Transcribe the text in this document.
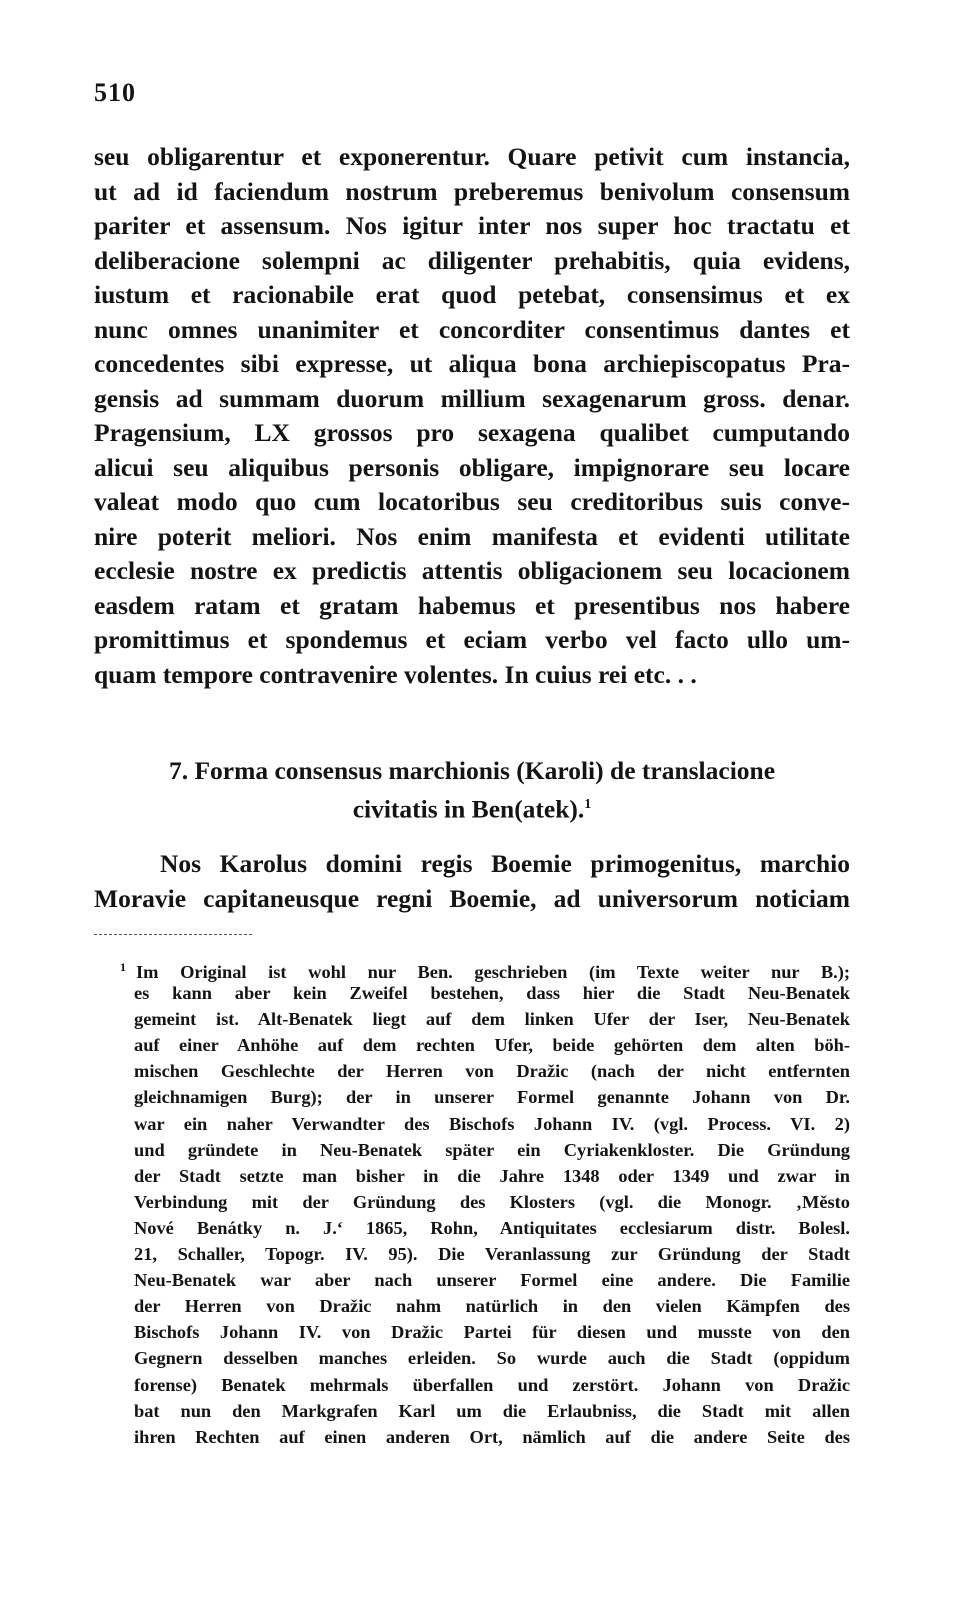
510
seu obligarentur et exponerentur. Quare petivit cum instancia,
ut ad id faciendum nostrum preberemus benivolum consensum
pariter et assensum. Nos igitur inter nos super hoc tractatu et
deliberacione solempni ac diligenter prehabitis, quia evidens,
iustum et racionabile erat quod petebat, consensimus et ex
nunc omnes unanimiter et concorditer consentimus dantes et
concedentes sibi expresse, ut aliqua bona archiepiscopatus Pra-
gensis ad summam duorum millium sexagenarum gross. denar.
Pragensium, LX grossos pro sexagena qualibet cumputando
alicui seu aliquibus personis obligare, impignorare seu locare
valeat modo quo cum locatoribus seu creditoribus suis conve-
nire poterit meliori. Nos enim manifesta et evidenti utilitate
ecclesie nostre ex predictis attentis obligacionem seu locacionem
easdem ratam et gratam habemus et presentibus nos habere
promittimus et spondemus et eciam verbo vel facto ullo um-
quam tempore contravenire volentes. In cuius rei etc. . .
7. Forma consensus marchionis (Karoli) de translacione
civitatis in Ben(atek).$^1$
Nos Karolus domini regis Boemie primogenitus, marchio
Moravie capitaneusque regni Boemie, ad universorum noticiam
$^1$ Im Original ist wohl nur Ben. geschrieben (im Texte weiter nur B.);
es kann aber kein Zweifel bestehen, dass hier die Stadt Neu-Benatek
gemeint ist. Alt-Benatek liegt auf dem linken Ufer der Iser, Neu-Benatek
auf einer Anhöhe auf dem rechten Ufer, beide gehörten dem alten böh-
mischen Geschlechte der Herren von Dražic (nach der nicht entfernten
gleichnamigen Burg); der in unserer Formel genannte Johann von Dr.
war ein naher Verwandter des Bischofs Johann IV. (vgl. Process. VI. 2)
und gründete in Neu-Benatek später ein Cyriakenkloster. Die Gründung
der Stadt setzte man bisher in die Jahre 1348 oder 1349 und zwar in
Verbindung mit der Gründung des Klosters (vgl. die Monogr. ‚Město
Nové Benátky n. J.‘ 1865, Rohn, Antiquitates ecclesiarum distr. Bolesl.
21, Schaller, Topogr. IV. 95). Die Veranlassung zur Gründung der Stadt
Neu-Benatek war aber nach unserer Formel eine andere. Die Familie
der Herren von Dražic nahm natürlich in den vielen Kämpfen des
Bischofs Johann IV. von Dražic Partei für diesen und musste von den
Gegnern desselben manches erleiden. So wurde auch die Stadt (oppidum
forense) Benatek mehrmals überfallen und zerstört. Johann von Dražic
bat nun den Markgrafen Karl um die Erlaubniss, die Stadt mit allen
ihren Rechten auf einen anderen Ort, nämlich auf die andere Seite des
